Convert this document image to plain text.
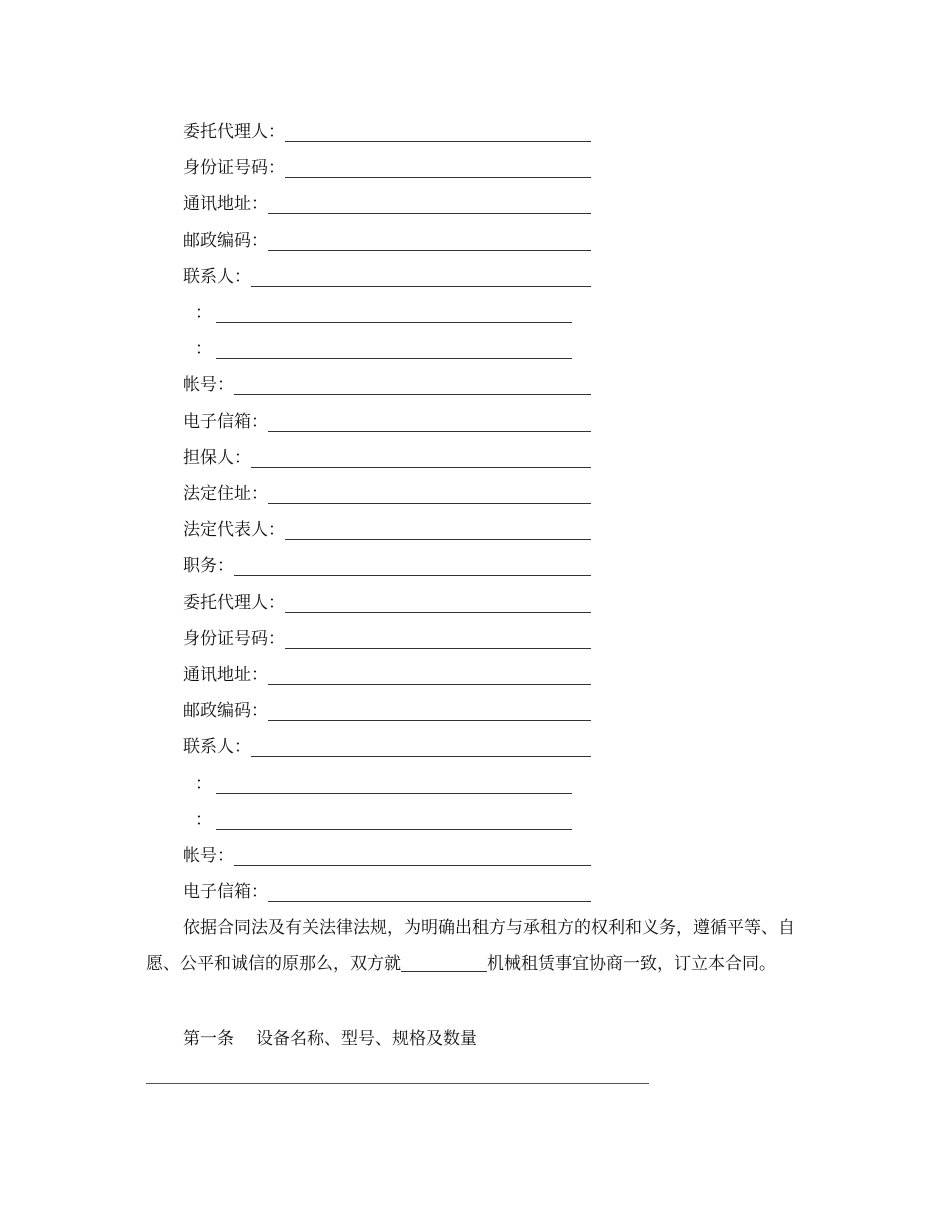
委托代理人：
身份证号码：
通讯地址：
邮政编码：
联系人：
：
：
帐号：
电子信箱：
担保人：
法定住址：
法定代表人：
职务：
委托代理人：
身份证号码：
通讯地址：
邮政编码：
联系人：
：
：
帐号：
电子信箱：
依据合同法及有关法律法规，为明确出租方与承租方的权利和义务，遵循平等、自愿、公平和诚信的原那么，双方就	机械租赁事宜协商一致，订立本合同。
第一条 设备名称、型号、规格及数量
